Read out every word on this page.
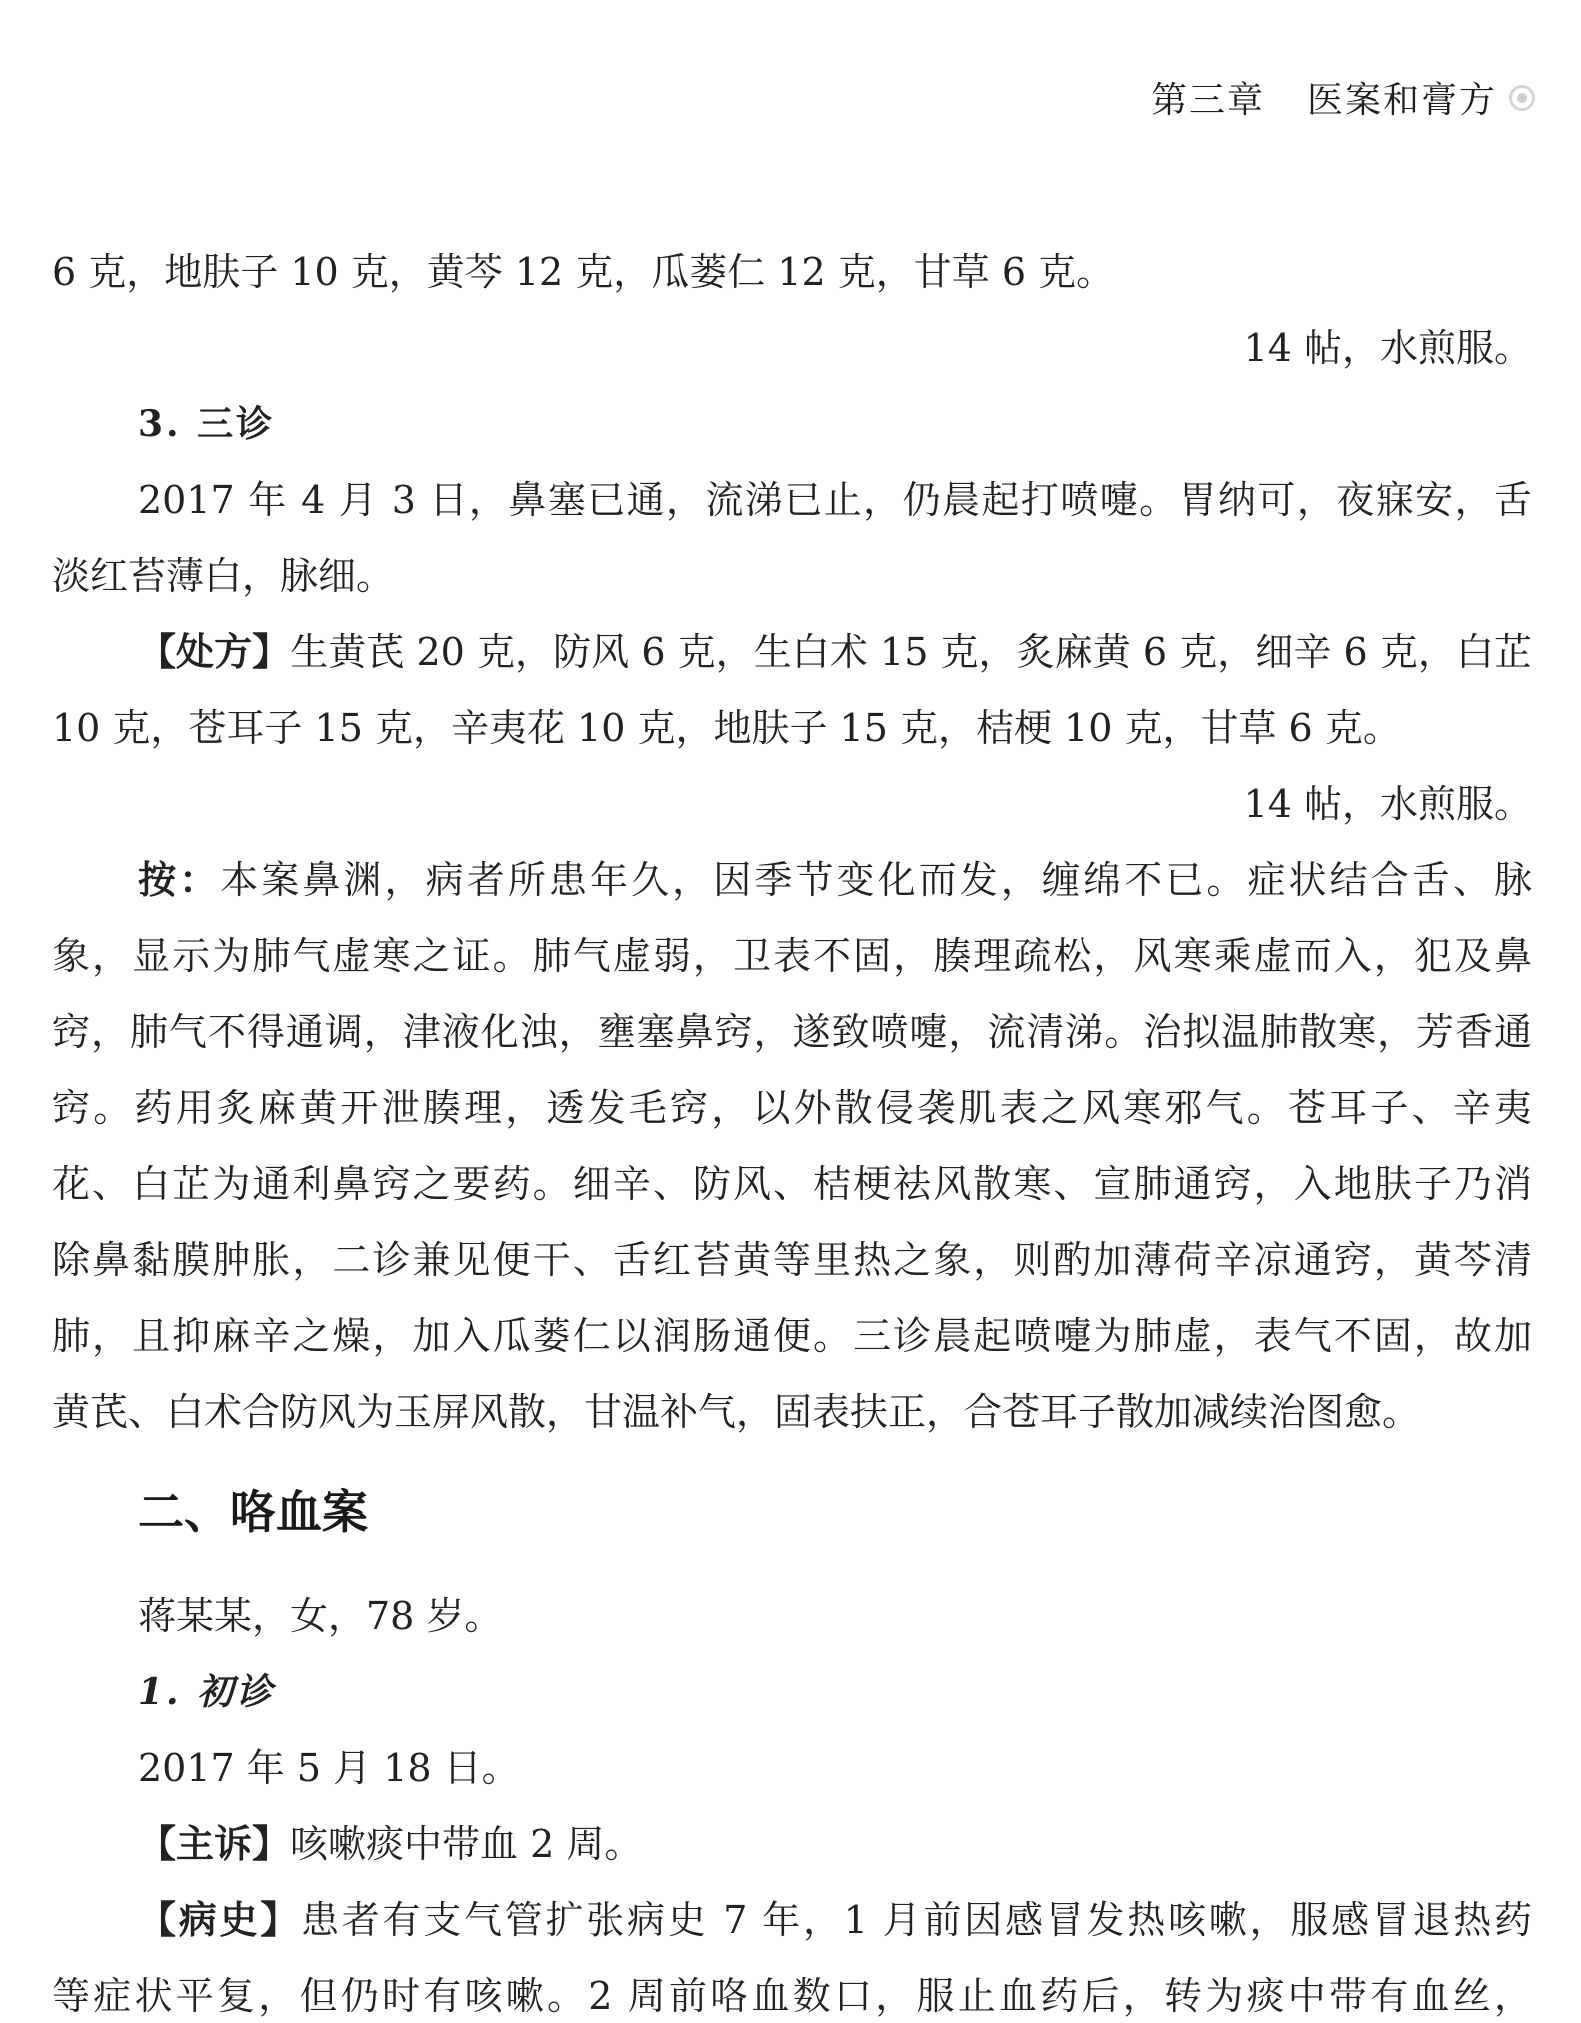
第三章 医案和膏方
6 克，地肤子 10 克，黄芩 12 克，瓜蒌仁 12 克，甘草 6 克。
14 帖，水煎服。
3. 三诊
2017 年 4 月 3 日，鼻塞已通，流涕已止，仍晨起打喷嚏。胃纳可，夜寐安，舌
淡红苔薄白，脉细。
【处方】生黄芪 20 克，防风 6 克，生白术 15 克，炙麻黄 6 克，细辛 6 克，白芷
10 克，苍耳子 15 克，辛夷花 10 克，地肤子 15 克，桔梗 10 克，甘草 6 克。
14 帖，水煎服。
按：本案鼻渊，病者所患年久，因季节变化而发，缠绵不已。症状结合舌、脉
象，显示为肺气虚寒之证。肺气虚弱，卫表不固，腠理疏松，风寒乘虚而入，犯及鼻
窍，肺气不得通调，津液化浊，壅塞鼻窍，遂致喷嚏，流清涕。治拟温肺散寒，芳香通
窍。药用炙麻黄开泄腠理，透发毛窍，以外散侵袭肌表之风寒邪气。苍耳子、辛夷
花、白芷为通利鼻窍之要药。细辛、防风、桔梗祛风散寒、宣肺通窍，入地肤子乃消
除鼻黏膜肿胀，二诊兼见便干、舌红苔黄等里热之象，则酌加薄荷辛凉通窍，黄芩清
肺，且抑麻辛之燥，加入瓜蒌仁以润肠通便。三诊晨起喷嚏为肺虚，表气不固，故加
黄芪、白术合防风为玉屏风散，甘温补气，固表扶正，合苍耳子散加减续治图愈。
二、咯血案
蒋某某，女，78 岁。
1. 初诊
2017 年 5 月 18 日。
【主诉】咳嗽痰中带血 2 周。
【病史】患者有支气管扩张病史 7 年，1 月前因感冒发热咳嗽，服感冒退热药
等症状平复，但仍时有咳嗽。2 周前咯血数口，服止血药后，转为痰中带有血丝，
